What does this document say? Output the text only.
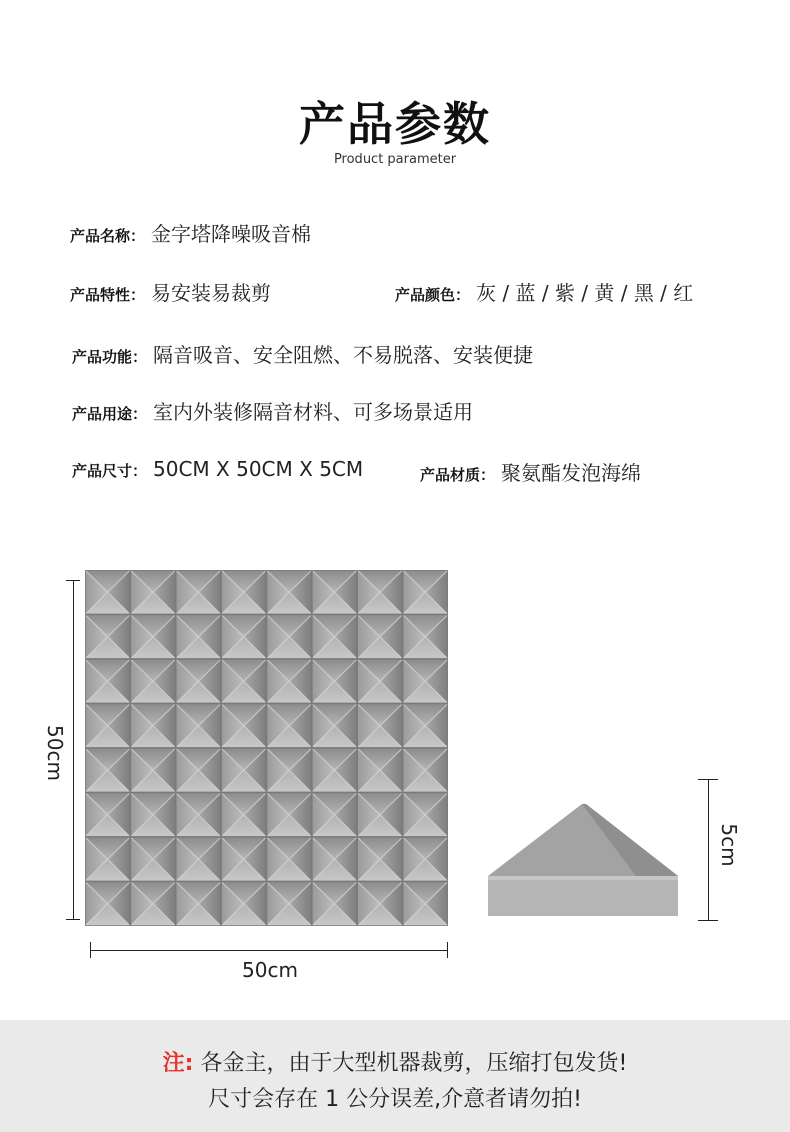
产品参数
Product parameter
产品名称： 金字塔降噪吸音棉
产品特性： 易安装易裁剪	产品颜色： 灰 / 蓝 / 紫 / 黄 / 黑 / 红
产品功能： 隔音吸音、安全阻燃、不易脱落、安装便捷
产品用途： 室内外装修隔音材料、可多场景适用
产品尺寸： 50CM X 50CM X 5CM	产品材质： 聚氨酯发泡海绵
50cm
5cm
50cm
注: 各金主，由于大型机器裁剪，压缩打包发货!
尺寸会存在 1 公分误差,介意者请勿拍!
